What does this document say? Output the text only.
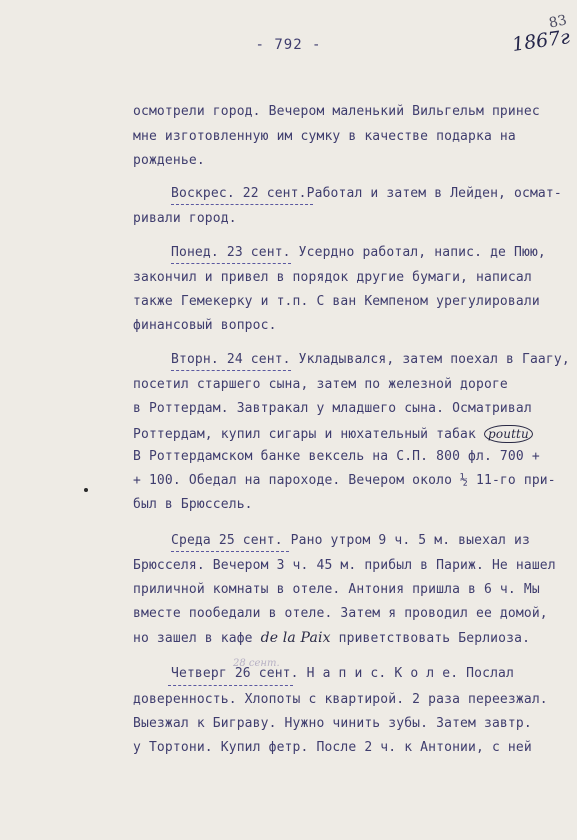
- 792 -	1867г
83
осмотрели город. Вечером маленький Вильгельм принес
мне изготовленную им сумку в качестве подарка на
рожденье.
Воскрес. 22 сент.Работал и затем в Лейден, осмат-
ривали город.
Понед. 23 сент. Усердно работал, напис. де Пюю,
закончил и привел в порядок другие бумаги, написал
также Гемекерку и т.п. С ван Кемпеном урегулировали
финансовый вопрос.
Вторн. 24 сент. Укладывался, затем поехал в Гаагу,
посетил старшего сына, затем по железной дороге
в Роттердам. Завтракал у младшего сына. Осматривал
Роттердам, купил сигары и нюхательный табак pouttu
В Роттердамском банке вексель на С.П. 800 фл. 700 +
+ 100. Обедал на пароходе. Вечером около ½ 11-го при-
был в Брюссель.
Среда 25 сент. Рано утром 9 ч. 5 м. выехал из
Брюсселя. Вечером 3 ч. 45 м. прибыл в Париж. Не нашел
приличной комнаты в отеле. Антония пришла в 6 ч. Мы
вместе пообедали в отеле. Затем я проводил ее домой,
но зашел в кафе de la Paix приветствовать Берлиоза.
28 сент.
Четверг 26 сент. Н а п и с. К о л е. Послал
доверенность. Хлопоты с квартирой. 2 раза переезжал.
Выезжал к Биграву. Нужно чинить зубы. Затем завтр.
у Тортони. Купил фетр. После 2 ч. к Антонии, с ней
